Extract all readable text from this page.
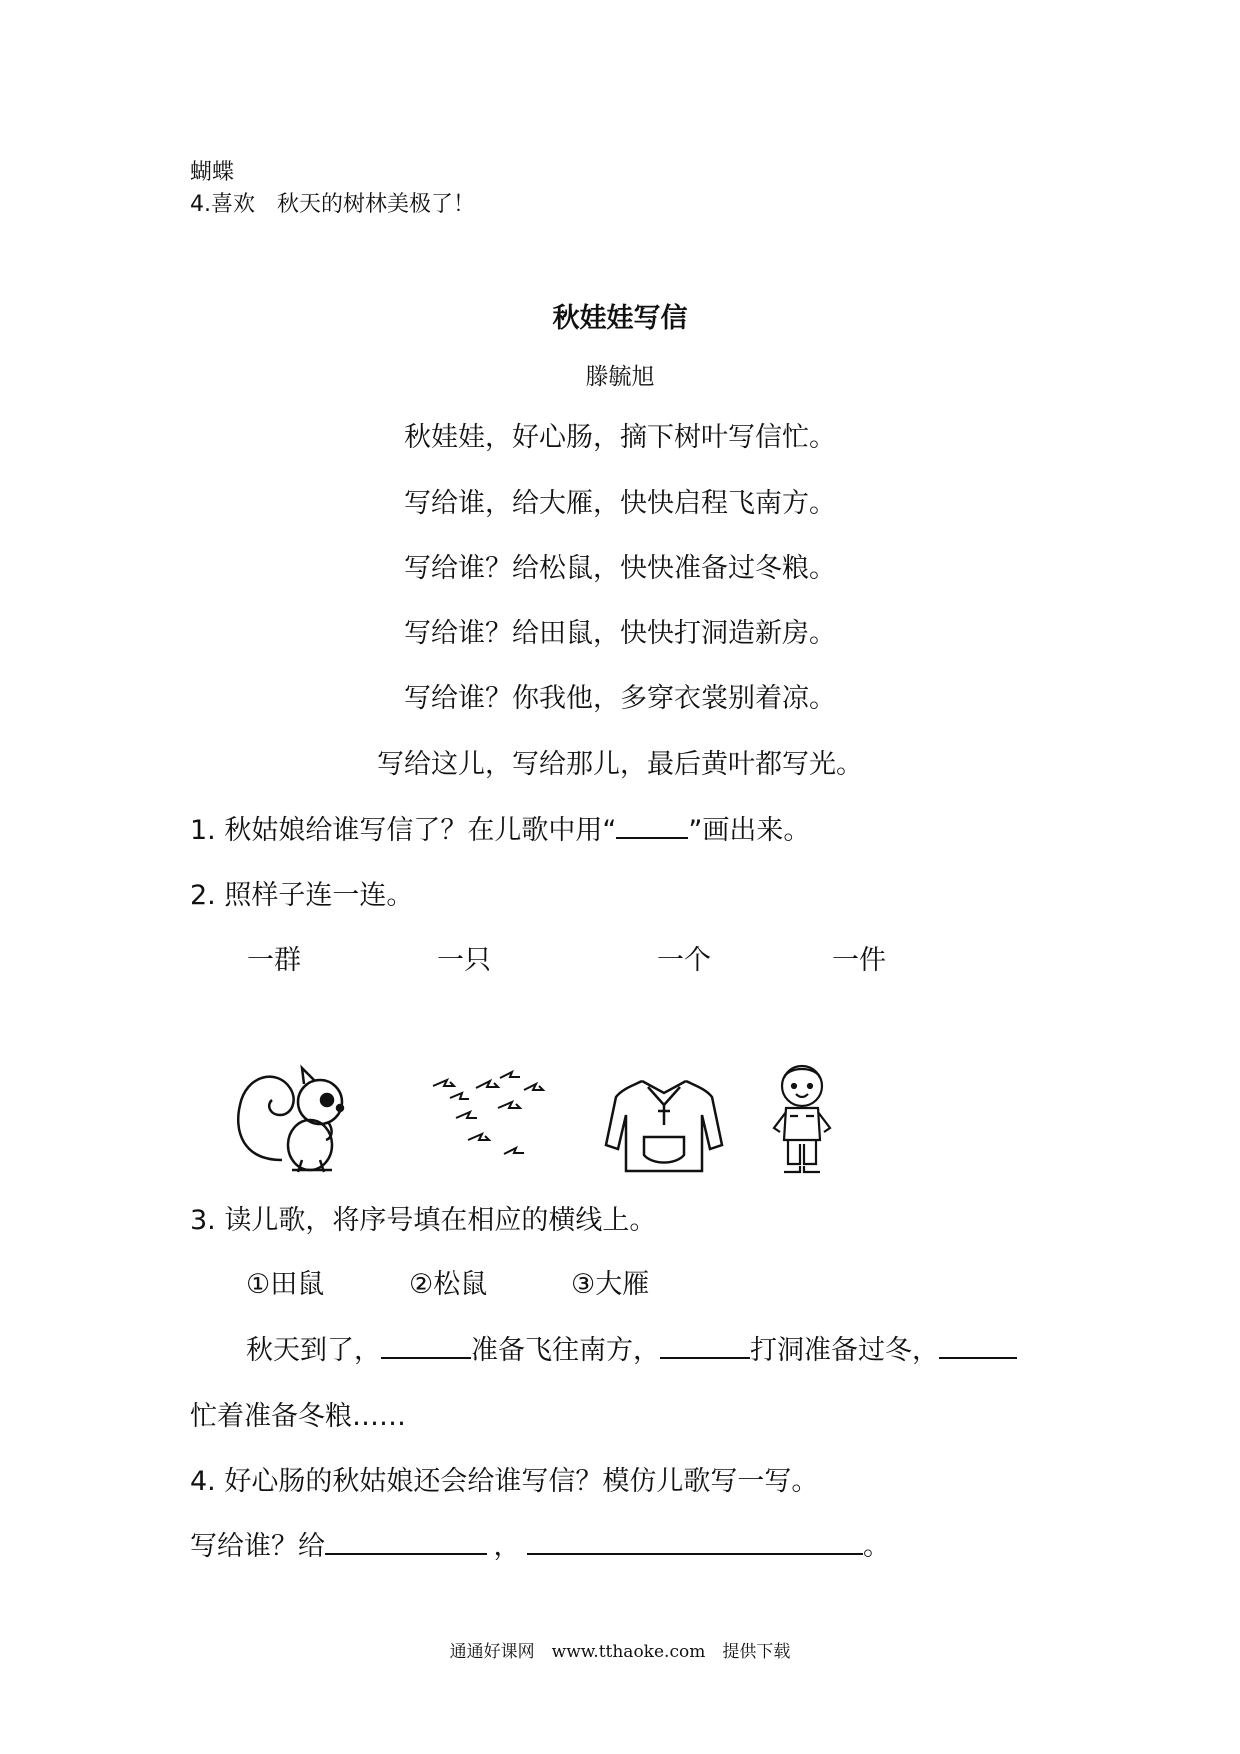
蝴蝶
4.喜欢　秋天的树林美极了！
秋娃娃写信
滕毓旭
秋娃娃，好心肠，摘下树叶写信忙。
写给谁，给大雁，快快启程飞南方。
写给谁？给松鼠，快快准备过冬粮。
写给谁？给田鼠，快快打洞造新房。
写给谁？你我他，多穿衣裳别着凉。
写给这儿，写给那儿，最后黄叶都写光。
1. 秋姑娘给谁写信了？在儿歌中用“	”画出来。
2. 照样子连一连。
一群	一只	一个	一件
3. 读儿歌，将序号填在相应的横线上。
①田鼠	②松鼠	③大雁
秋天到了，	准备飞往南方，	打洞准备过冬，
忙着准备冬粮……
4. 好心肠的秋姑娘还会给谁写信？模仿儿歌写一写。
写给谁？给	，	。
通通好课网　www.tthaoke.com　提供下载
